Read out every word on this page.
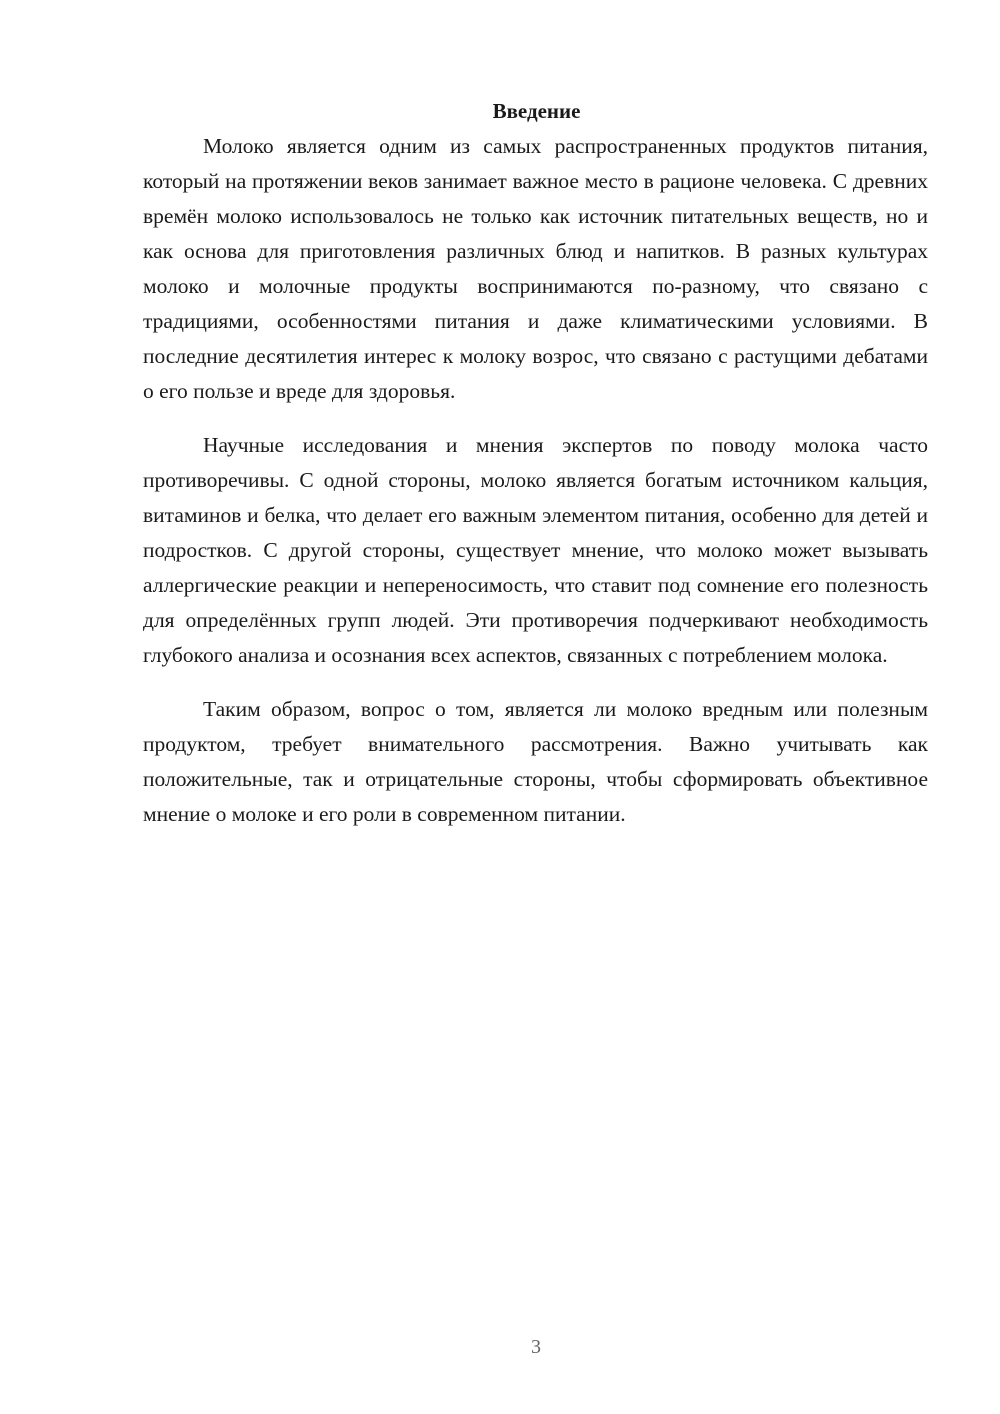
Введение

Молоко является одним из самых распространенных продуктов питания, который на протяжении веков занимает важное место в рационе человека. С древних времён молоко использовалось не только как источник питательных веществ, но и как основа для приготовления различных блюд и напитков. В разных культурах молоко и молочные продукты воспринимаются по-разному, что связано с традициями, особенностями питания и даже климатическими условиями. В последние десятилетия интерес к молоку возрос, что связано с растущими дебатами о его пользе и вреде для здоровья.

Научные исследования и мнения экспертов по поводу молока часто противоречивы. С одной стороны, молоко является богатым источником кальция, витаминов и белка, что делает его важным элементом питания, особенно для детей и подростков. С другой стороны, существует мнение, что молоко может вызывать аллергические реакции и непереносимость, что ставит под сомнение его полезность для определённых групп людей. Эти противоречия подчеркивают необходимость глубокого анализа и осознания всех аспектов, связанных с потреблением молока.

Таким образом, вопрос о том, является ли молоко вредным или полезным продуктом, требует внимательного рассмотрения. Важно учитывать как положительные, так и отрицательные стороны, чтобы сформировать объективное мнение о молоке и его роли в современном питании.

3
